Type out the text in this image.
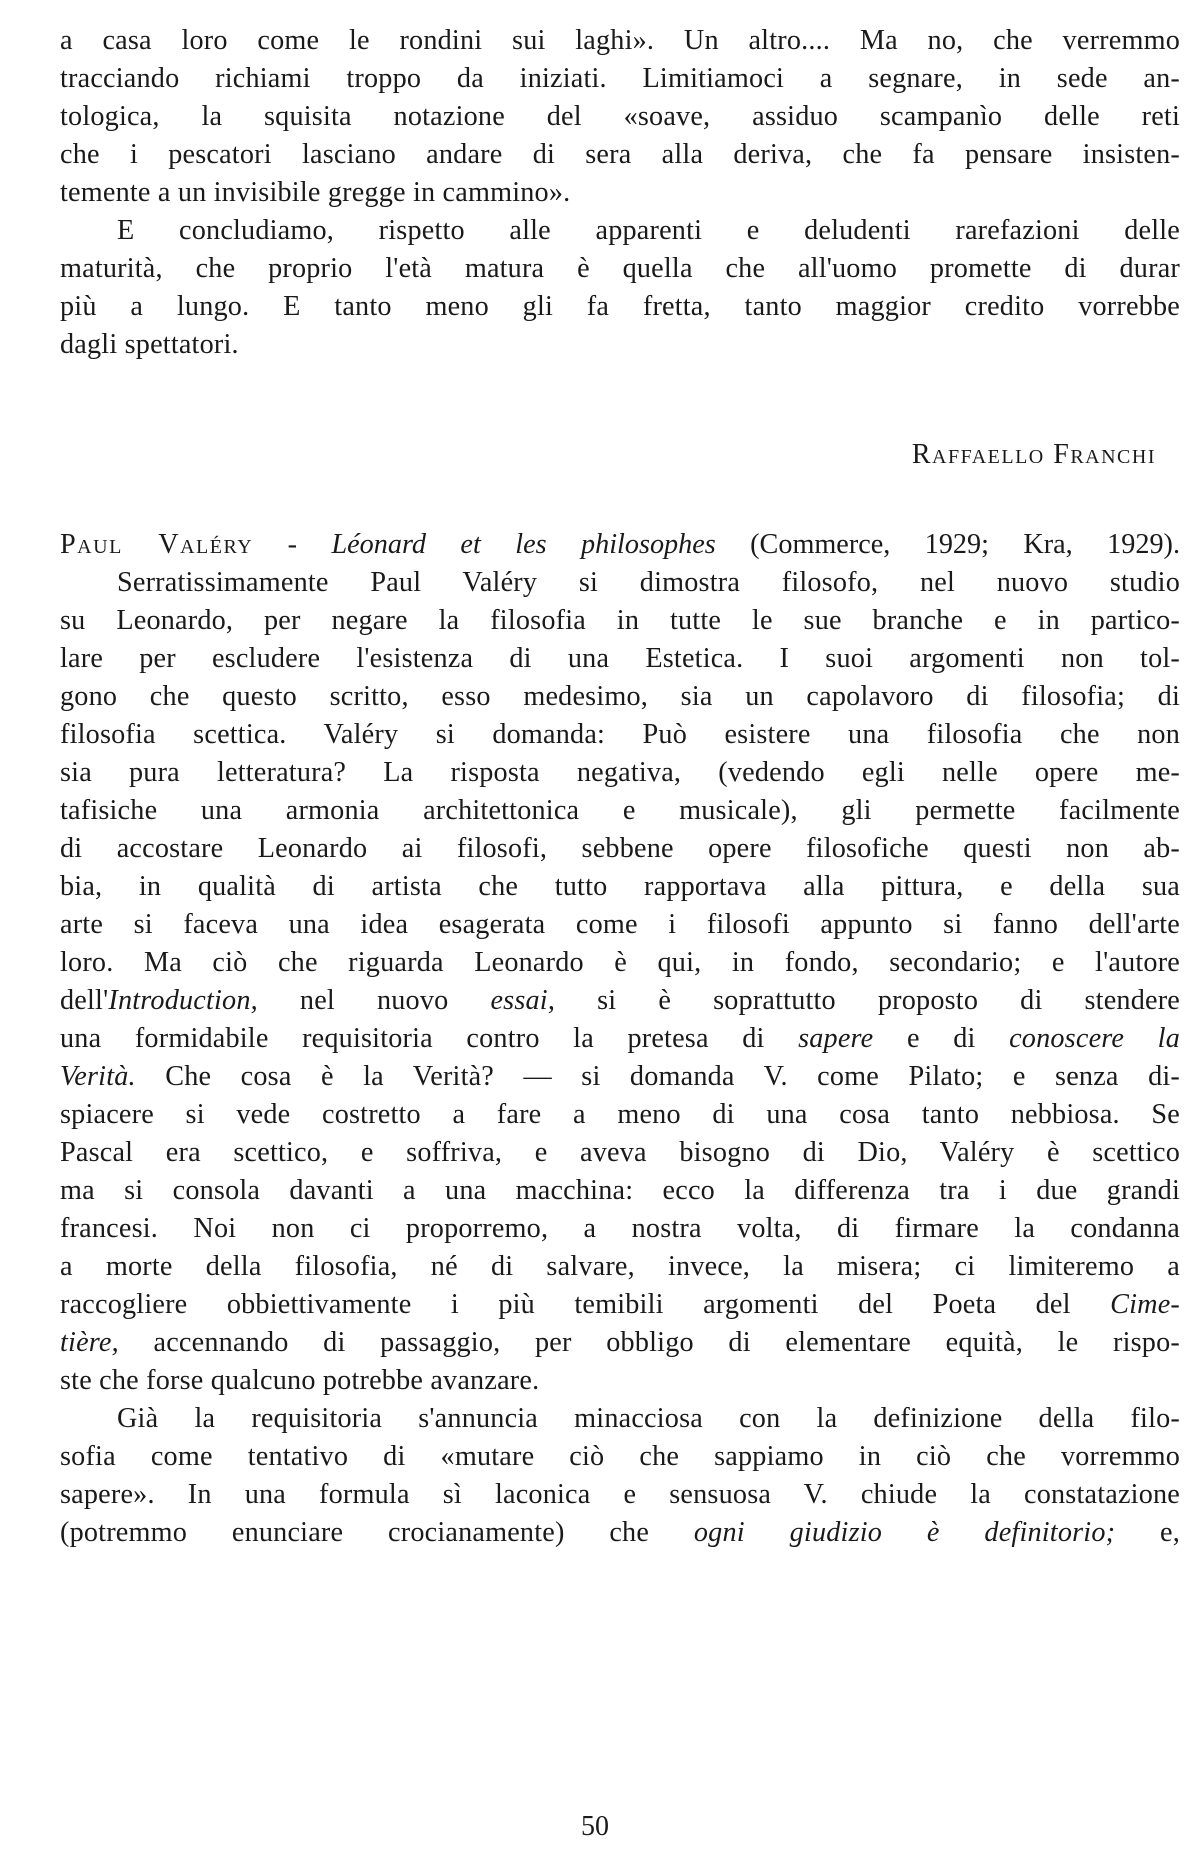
a casa loro come le rondini sui laghi». Un altro.... Ma no, che verremmo
tracciando richiami troppo da iniziati. Limitiamoci a segnare, in sede an-
tologica, la squisita notazione del «soave, assiduo scampanìo delle reti
che i pescatori lasciano andare di sera alla deriva, che fa pensare insisten-
temente a un invisibile gregge in cammino».
E concludiamo, rispetto alle apparenti e deludenti rarefazioni delle
maturità, che proprio l'età matura è quella che all'uomo promette di durar
più a lungo. E tanto meno gli fa fretta, tanto maggior credito vorrebbe
dagli spettatori.
Raffaello Franchi
Paul Valéry - Léonard et les philosophes (Commerce, 1929; Kra, 1929).
Serratissimamente Paul Valéry si dimostra filosofo, nel nuovo studio
su Leonardo, per negare la filosofia in tutte le sue branche e in partico-
lare per escludere l'esistenza di una Estetica. I suoi argomenti non tol-
gono che questo scritto, esso medesimo, sia un capolavoro di filosofia; di
filosofia scettica. Valéry si domanda: Può esistere una filosofia che non
sia pura letteratura? La risposta negativa, (vedendo egli nelle opere me-
tafisiche una armonia architettonica e musicale), gli permette facilmente
di accostare Leonardo ai filosofi, sebbene opere filosofiche questi non ab-
bia, in qualità di artista che tutto rapportava alla pittura, e della sua
arte si faceva una idea esagerata come i filosofi appunto si fanno dell'arte
loro. Ma ciò che riguarda Leonardo è qui, in fondo, secondario; e l'autore
dell'Introduction, nel nuovo essai, si è soprattutto proposto di stendere
una formidabile requisitoria contro la pretesa di sapere e di conoscere la
Verità. Che cosa è la Verità? — si domanda V. come Pilato; e senza di-
spiacere si vede costretto a fare a meno di una cosa tanto nebbiosa. Se
Pascal era scettico, e soffriva, e aveva bisogno di Dio, Valéry è scettico
ma si consola davanti a una macchina: ecco la differenza tra i due grandi
francesi. Noi non ci proporremo, a nostra volta, di firmare la condanna
a morte della filosofia, né di salvare, invece, la misera; ci limiteremo a
raccogliere obbiettivamente i più temibili argomenti del Poeta del Cime-
tière, accennando di passaggio, per obbligo di elementare equità, le rispo-
ste che forse qualcuno potrebbe avanzare.
Già la requisitoria s'annuncia minacciosa con la definizione della filo-
sofia come tentativo di «mutare ciò che sappiamo in ciò che vorremmo
sapere». In una formula sì laconica e sensuosa V. chiude la constatazione
(potremmo enunciare crocianamente) che ogni giudizio è definitorio; e,
50
